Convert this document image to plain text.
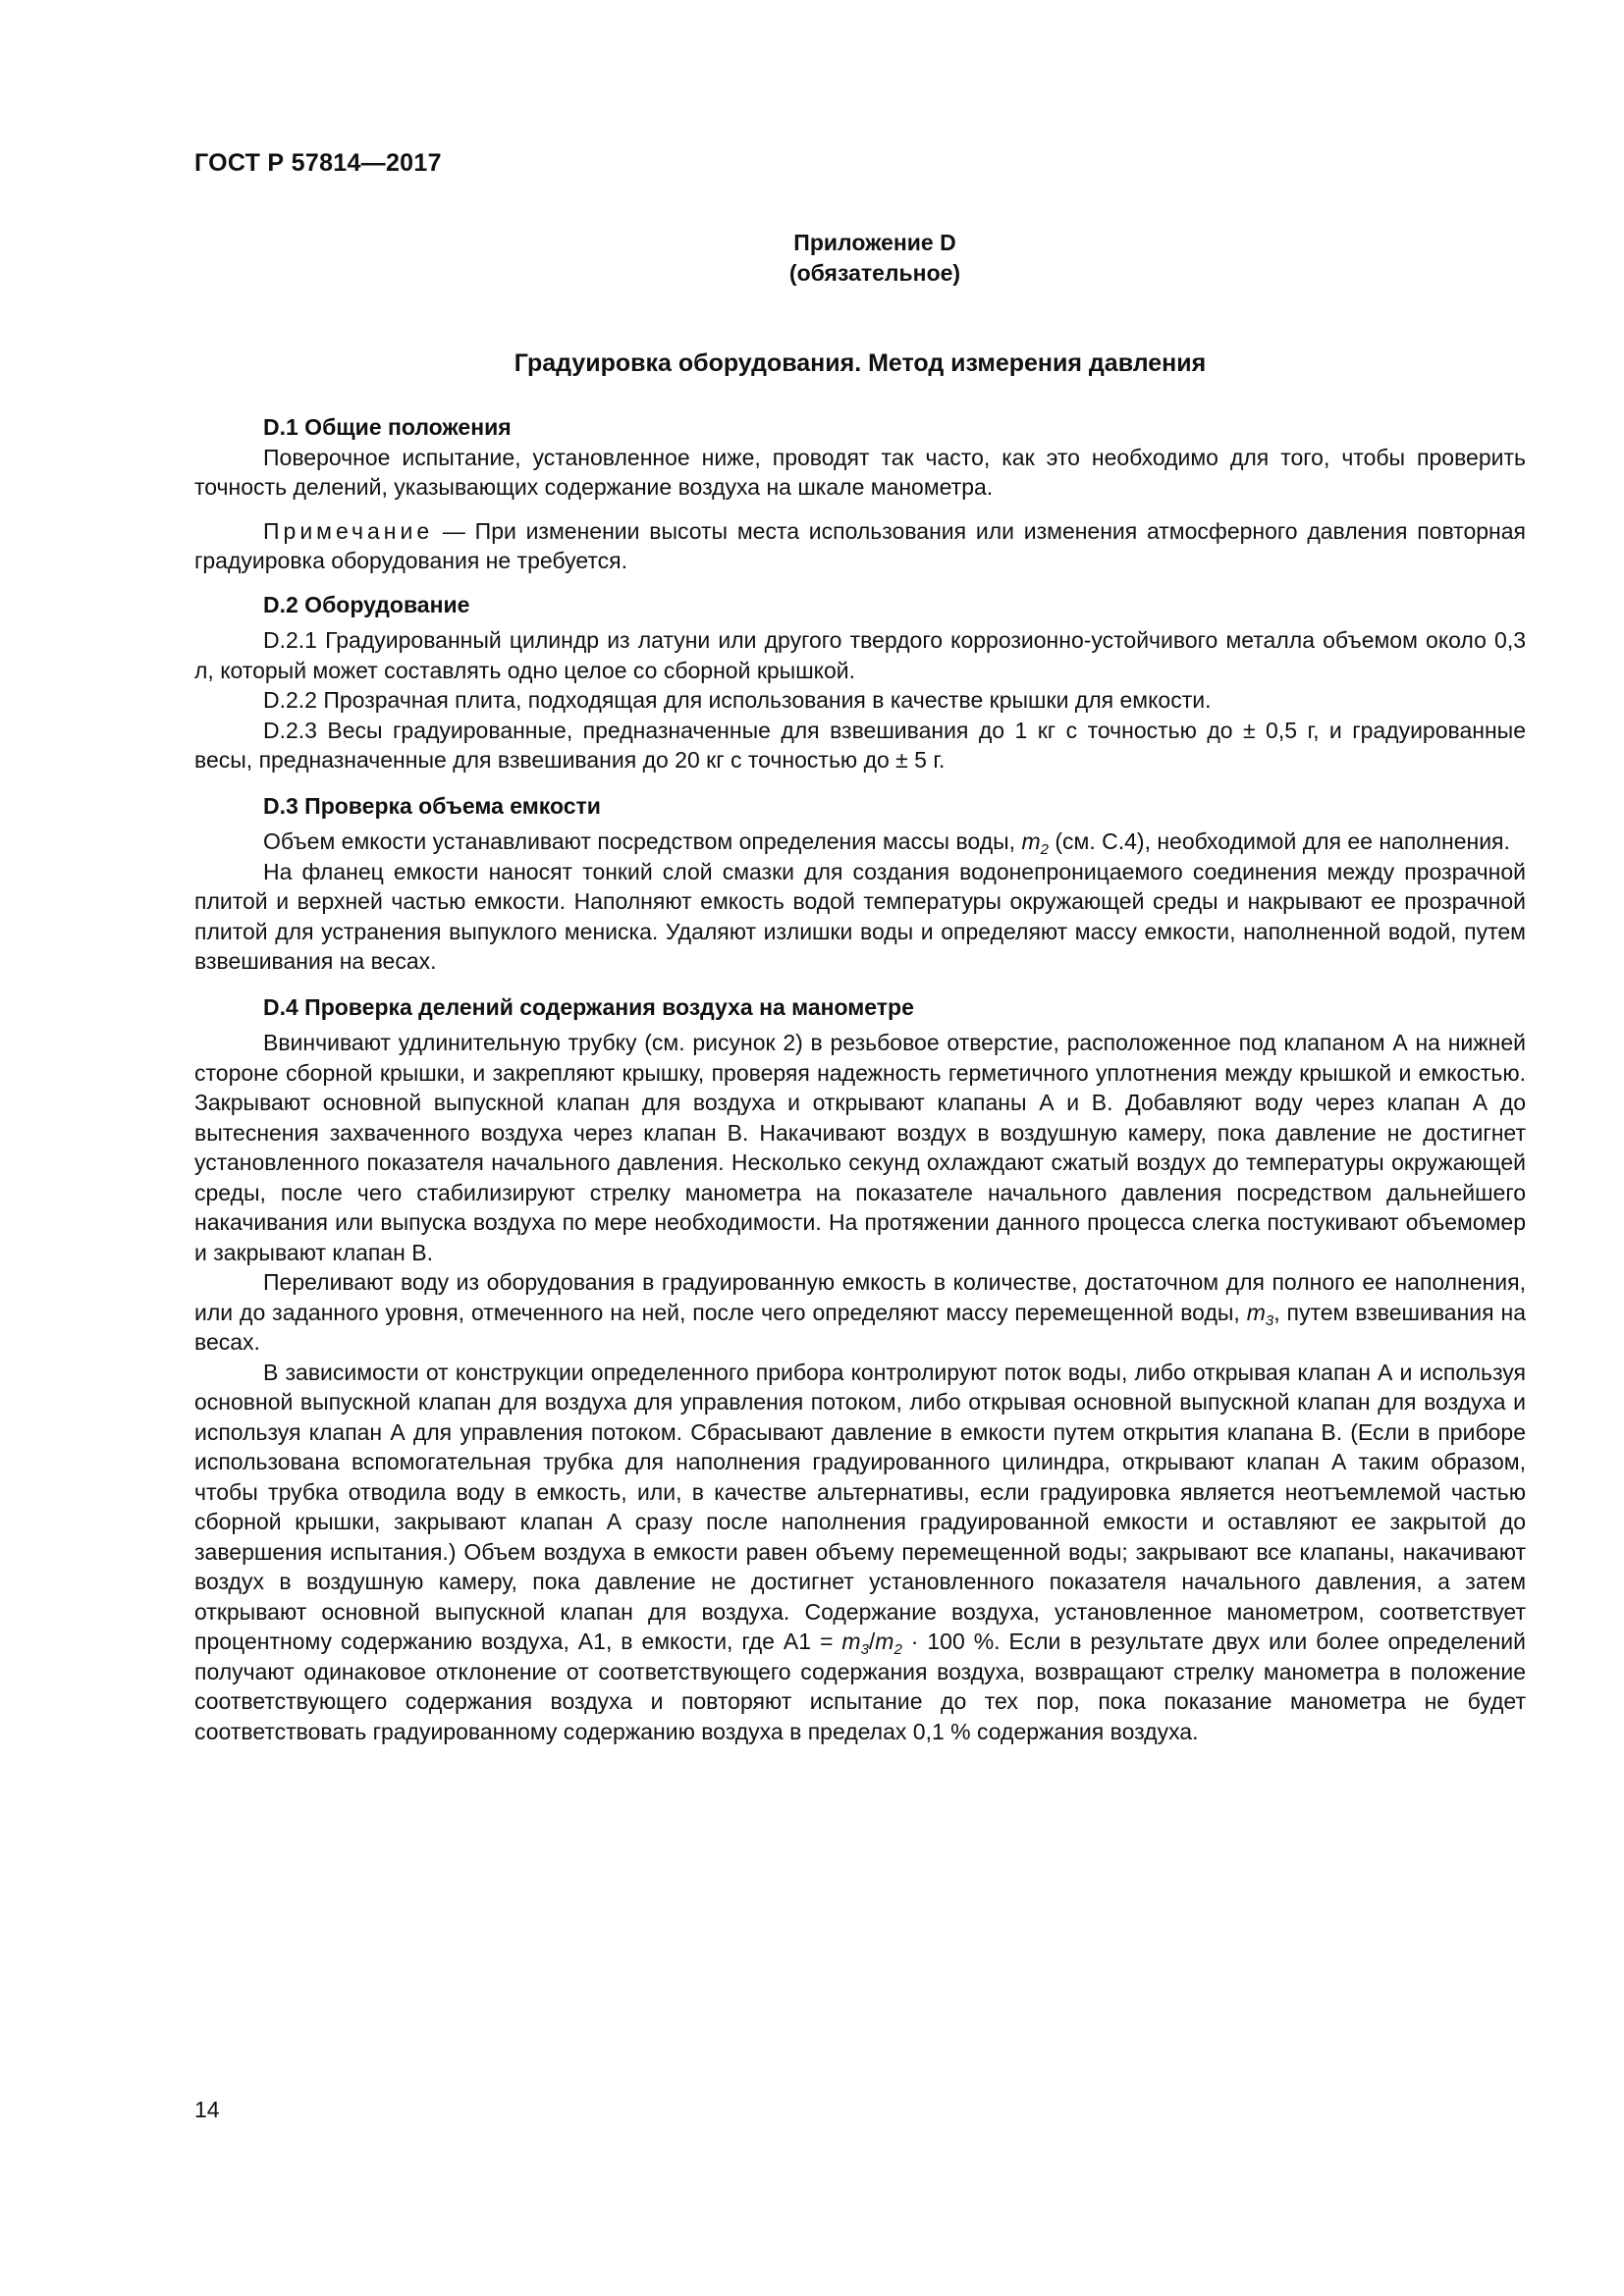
ГОСТ Р 57814—2017
Приложение D
(обязательное)
Градуировка оборудования. Метод измерения давления
D.1 Общие положения

Поверочное испытание, установленное ниже, проводят так часто, как это необходимо для того, чтобы проверить точность делений, указывающих содержание воздуха на шкале манометра.

Примечание — При изменении высоты места использования или изменения атмосферного давления повторная градуировка оборудования не требуется.

D.2 Оборудование

D.2.1 Градуированный цилиндр из латуни или другого твердого коррозионно-устойчивого металла объемом около 0,3 л, который может составлять одно целое со сборной крышкой.

D.2.2 Прозрачная плита, подходящая для использования в качестве крышки для емкости.

D.2.3 Весы градуированные, предназначенные для взвешивания до 1 кг с точностью до ± 0,5 г, и градуированные весы, предназначенные для взвешивания до 20 кг с точностью до ± 5 г.

D.3 Проверка объема емкости

Объем емкости устанавливают посредством определения массы воды, $m_2$ (см. С.4), необходимой для ее наполнения.

На фланец емкости наносят тонкий слой смазки для создания водонепроницаемого соединения между прозрачной плитой и верхней частью емкости. Наполняют емкость водой температуры окружающей среды и накрывают ее прозрачной плитой для устранения выпуклого мениска. Удаляют излишки воды и определяют массу емкости, наполненной водой, путем взвешивания на весах.

D.4 Проверка делений содержания воздуха на манометре

Ввинчивают удлинительную трубку (см. рисунок 2) в резьбовое отверстие, расположенное под клапаном А на нижней стороне сборной крышки, и закрепляют крышку, проверяя надежность герметичного уплотнения между крышкой и емкостью. Закрывают основной выпускной клапан для воздуха и открывают клапаны А и В. Добавляют воду через клапан А до вытеснения захваченного воздуха через клапан В. Накачивают воздух в воздушную камеру, пока давление не достигнет установленного показателя начального давления. Несколько секунд охлаждают сжатый воздух до температуры окружающей среды, после чего стабилизируют стрелку манометра на показателе начального давления посредством дальнейшего накачивания или выпуска воздуха по мере необходимости. На протяжении данного процесса слегка постукивают объемомер и закрывают клапан В.

Переливают воду из оборудования в градуированную емкость в количестве, достаточном для полного ее наполнения, или до заданного уровня, отмеченного на ней, после чего определяют массу перемещенной воды, $m_3$, путем взвешивания на весах.

В зависимости от конструкции определенного прибора контролируют поток воды, либо открывая клапан А и используя основной выпускной клапан для воздуха для управления потоком, либо открывая основной выпускной клапан для воздуха и используя клапан А для управления потоком. Сбрасывают давление в емкости путем открытия клапана В. (Если в приборе использована вспомогательная трубка для наполнения градуированного цилиндра, открывают клапан А таким образом, чтобы трубка отводила воду в емкость, или, в качестве альтернативы, если градуировка является неотъемлемой частью сборной крышки, закрывают клапан А сразу после наполнения градуированной емкости и оставляют ее закрытой до завершения испытания.) Объем воздуха в емкости равен объему перемещенной воды; закрывают все клапаны, накачивают воздух в воздушную камеру, пока давление не достигнет установленного показателя начального давления, а затем открывают основной выпускной клапан для воздуха. Содержание воздуха, установленное манометром, соответствует процентному содержанию воздуха, А1, в емкости, где $А1 = m_3/m_2 \cdot 100$ %. Если в результате двух или более определений получают одинаковое отклонение от соответствующего содержания воздуха, возвращают стрелку манометра в положение соответствующего содержания воздуха и повторяют испытание до тех пор, пока показание манометра не будет соответствовать градуированному содержанию воздуха в пределах 0,1 % содержания воздуха.

14
